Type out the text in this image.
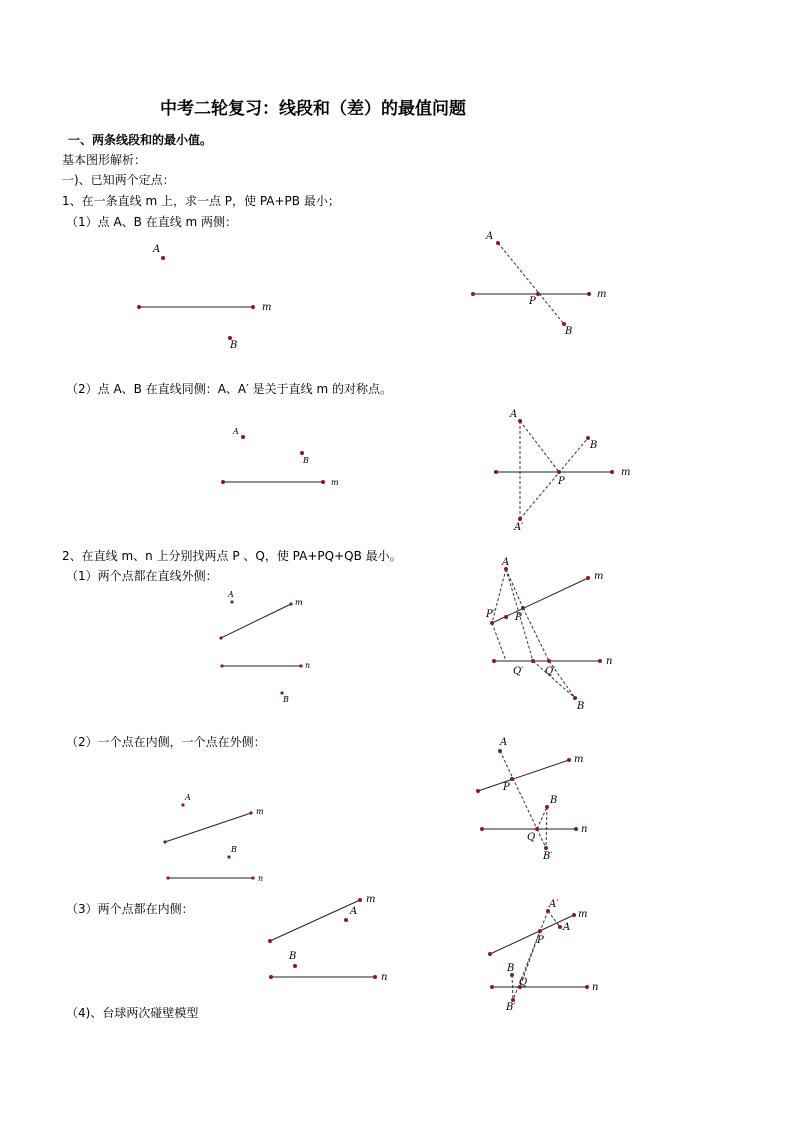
中考二轮复习：线段和（差）的最值问题
一、两条线段和的最小值。
基本图形解析：
一)、已知两个定点：
1、在一条直线 m 上，求一点 P，使 PA+PB 最小；
（1）点 A、B 在直线 m 两侧：
（2）点 A、B 在直线同侧：A、A′ 是关于直线 m 的对称点。
2、在直线 m、n 上分别找两点 P 、Q，使 PA+PQ+QB 最小。
（1）两个点都在直线外侧：
（2）一个点在内侧，一个点在外侧：
（3）两个点都在内侧：
（4)、台球两次碰壁模型
A
B
m
A
P
B
m
A
B
m
A
B
P
A′
m
A
B
m
n
A
P′ P
Q′ Q′
B
m
n
A
B
m
n
A
P
B
Q
B′
m
n
A
B
m
n
A′
A
P
B
Q
B′
m
n
